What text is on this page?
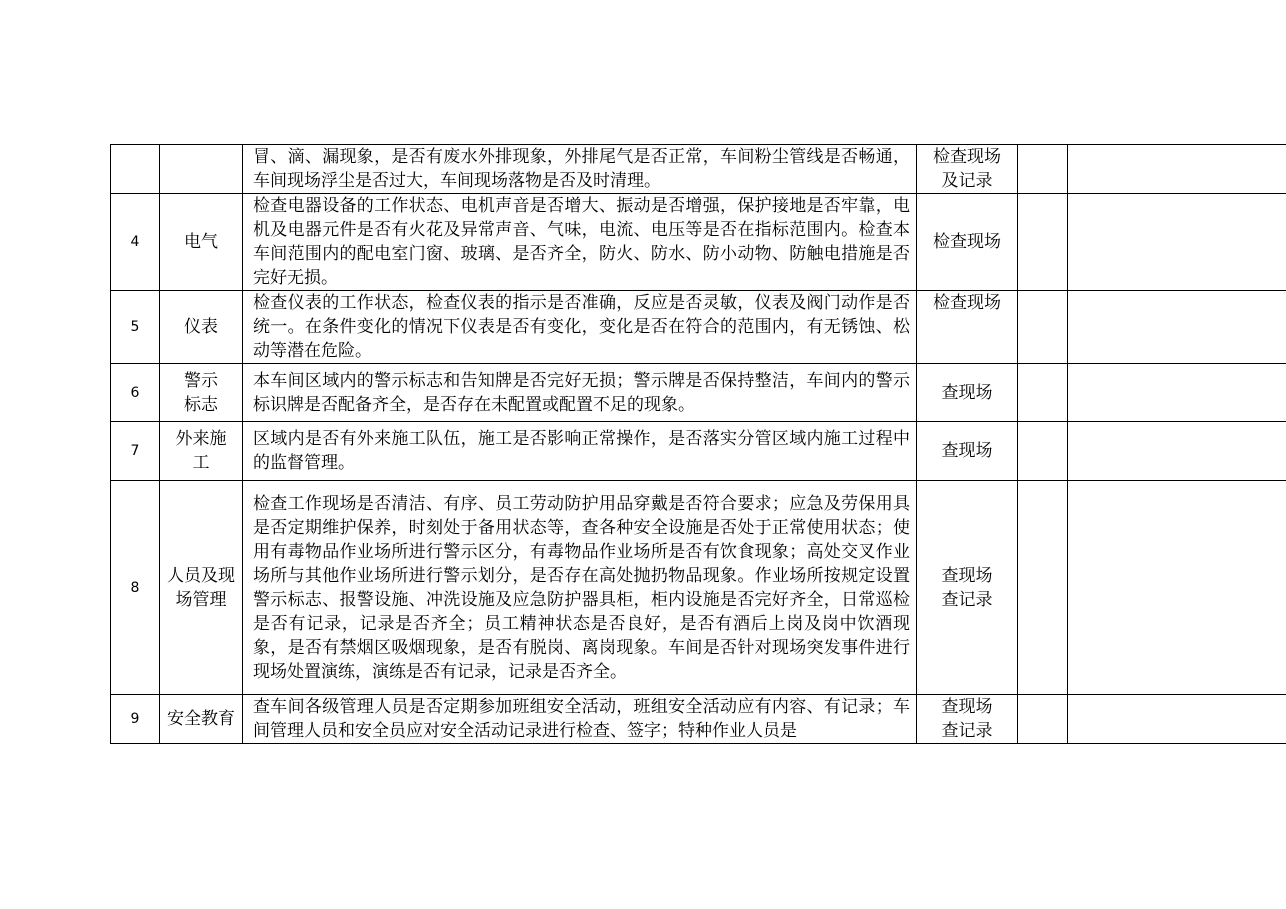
		冒、滴、漏现象，是否有废水外排现象，外排尾气是否正常，车间粉尘管线是否畅通，车间现场浮尘是否过大，车间现场落物是否及时清理。	检查现场及记录		

4	电气	检查电器设备的工作状态、电机声音是否增大、振动是否增强，保护接地是否牢靠，电机及电器元件是否有火花及异常声音、气味，电流、电压等是否在指标范围内。检查本车间范围内的配电室门窗、玻璃、是否齐全，防火、防水、防小动物、防触电措施是否完好无损。	检查现场		
5	仪表	检查仪表的工作状态，检查仪表的指示是否准确，反应是否灵敏，仪表及阀门动作是否统一。在条件变化的情况下仪表是否有变化，变化是否在符合的范围内，有无锈蚀、松动等潜在危险。	检查现场		
6	警示标志	本车间区域内的警示标志和告知牌是否完好无损；警示牌是否保持整洁，车间内的警示标识牌是否配备齐全，是否存在未配置或配置不足的现象。	查现场		
7	外来施工	区域内是否有外来施工队伍，施工是否影响正常操作，是否落实分管区域内施工过程中的监督管理。	查现场		
8	人员及现场管理	检查工作现场是否清洁、有序、员工劳动防护用品穿戴是否符合要求；应急及劳保用具是否定期维护保养，时刻处于备用状态等，查各种安全设施是否处于正常使用状态；使用有毒物品作业场所进行警示区分，有毒物品作业场所是否有饮食现象；高处交叉作业场所与其他作业场所进行警示划分，是否存在高处抛扔物品现象。作业场所按规定设置警示标志、报警设施、冲洗设施及应急防护器具柜，柜内设施是否完好齐全，日常巡检是否有记录，记录是否齐全；员工精神状态是否良好，是否有酒后上岗及岗中饮酒现象，是否有禁烟区吸烟现象，是否有脱岗、离岗现象。车间是否针对现场突发事件进行现场处置演练，演练是否有记录，记录是否齐全。	查现场查记录		

9	安全教育	查车间各级管理人员是否定期参加班组安全活动，班组安全活动应有内容、有记录；车间管理人员和安全员应对安全活动记录进行检查、签字；特种作业人员是	查现场查记录		
